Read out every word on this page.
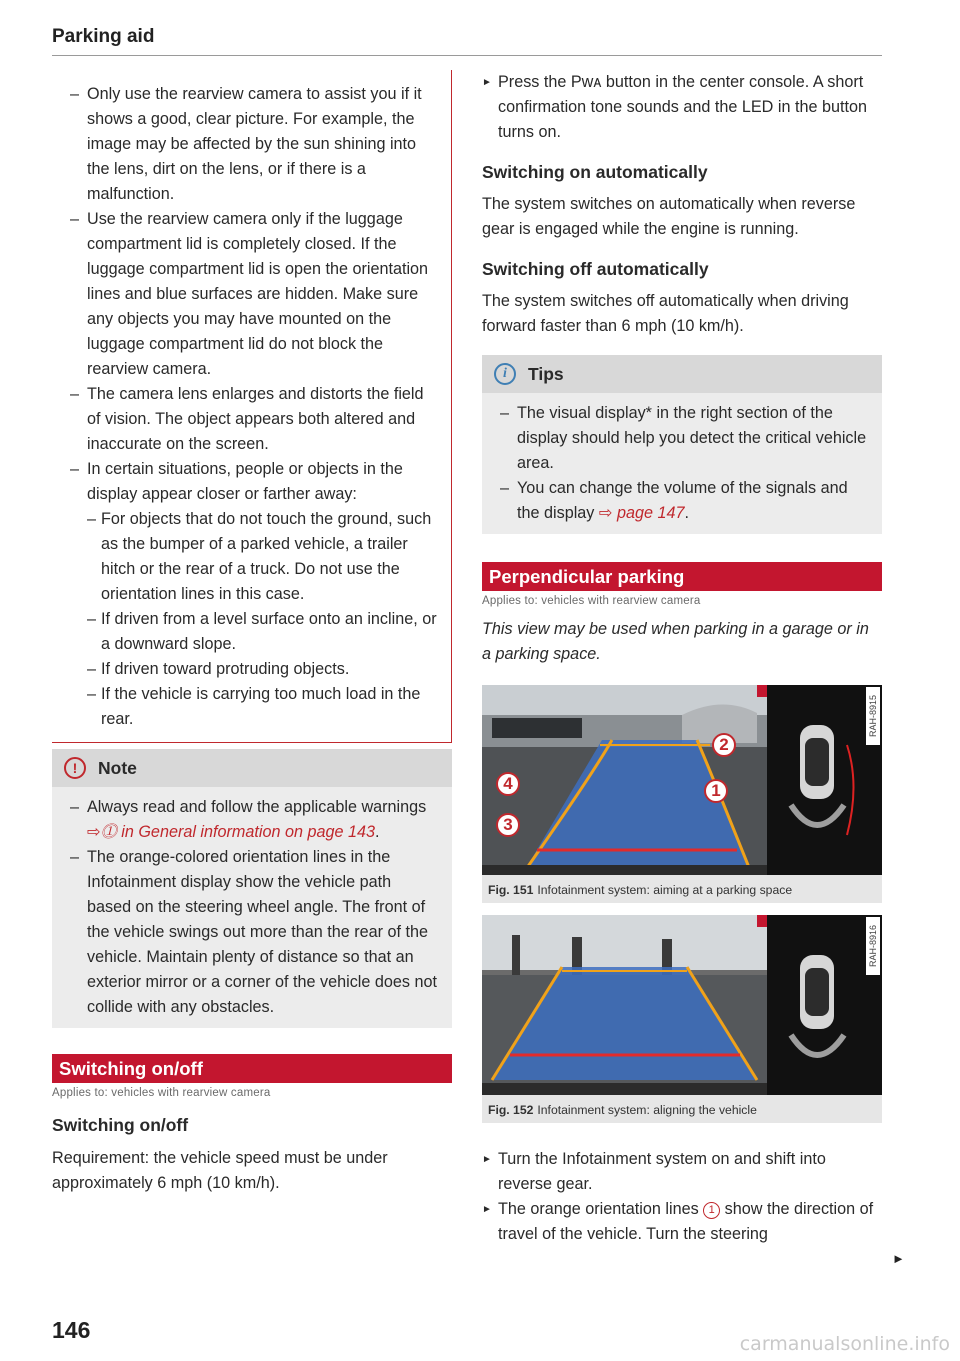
Parking aid
– Only use the rearview camera to assist you if it shows a good, clear picture. For example, the image may be affected by the sun shining into the lens, dirt on the lens, or if there is a malfunction.
– Use the rearview camera only if the luggage compartment lid is completely closed. If the luggage compartment lid is open the orientation lines and blue surfaces are hidden. Make sure any objects you may have mounted on the luggage compartment lid do not block the rearview camera.
– The camera lens enlarges and distorts the field of vision. The object appears both altered and inaccurate on the screen.
– In certain situations, people or objects in the display appear closer or farther away:
– For objects that do not touch the ground, such as the bumper of a parked vehicle, a trailer hitch or the rear of a truck. Do not use the orientation lines in this case.
– If driven from a level surface onto an incline, or a downward slope.
– If driven toward protruding objects.
– If the vehicle is carrying too much load in the rear.
!	Note
– Always read and follow the applicable warnings ⇨⓵ in General information on page 143.
– The orange-colored orientation lines in the Infotainment display show the vehicle path based on the steering wheel angle. The front of the vehicle swings out more than the rear of the vehicle. Maintain plenty of distance so that an exterior mirror or a corner of the vehicle does not collide with any obstacles.
Switching on/off
Applies to: vehicles with rearview camera
Switching on/off

Requirement: the vehicle speed must be under approximately 6 mph (10 km/h).

► Press the Pᴡᴀ button in the center console. A short confirmation tone sounds and the LED in the button turns on.
Switching on automatically

The system switches on automatically when reverse gear is engaged while the engine is running.

Switching off automatically

The system switches off automatically when driving forward faster than 6 mph (10 km/h).

i	Tips
– The visual display* in the right section of the display should help you detect the critical vehicle area.
– You can change the volume of the signals and the display ⇨ page 147.
Perpendicular parking
Applies to: vehicles with rearview camera

This view may be used when parking in a garage or in a parking space.

RAH-8915
2
1
4
3
Fig. 151 Infotainment system: aiming at a parking space
RAH-8916
Fig. 152 Infotainment system: aligning the vehicle
► Turn the Infotainment system on and shift into reverse gear.
► The orange orientation lines 1 show the direction of travel of the vehicle. Turn the steering
►
146
carmanualsonline.info
